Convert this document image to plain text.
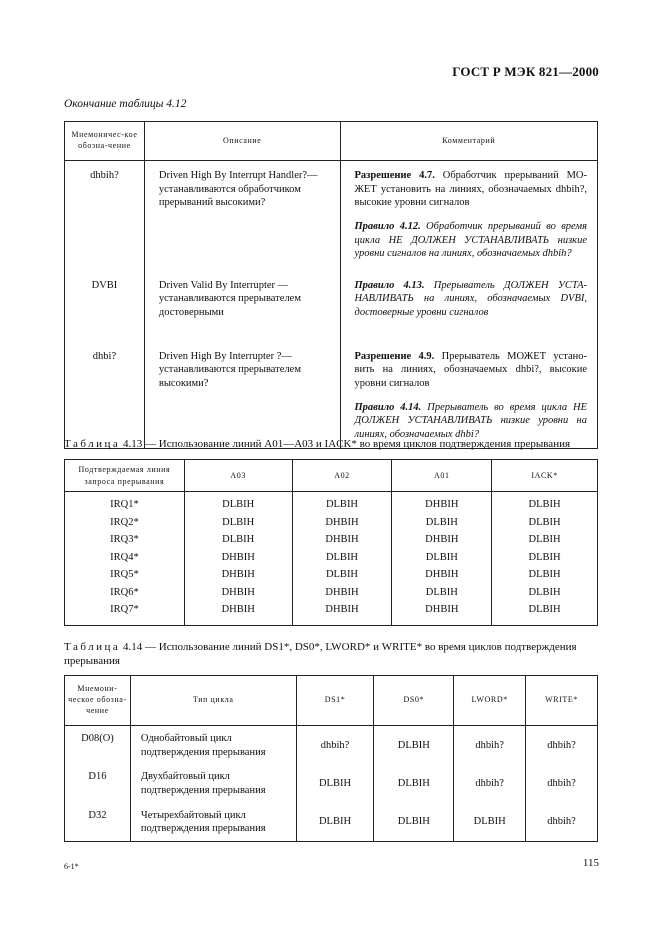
ГОСТ Р МЭК 821—2000
Окончание таблицы 4.12
Мнемоничес-кое обозна-чение	Описание	Комментарий
dhbih?	Driven High By Interrupt Handler?— устанавливаются обработчиком прерываний высокими?	Разрешение 4.7. Обработчик прерываний МО-ЖЕТ установить на линиях, обозначаемых dhbih?, высокие уровни сигналов

Правило 4.12. Обработчик прерываний во время цикла НЕ ДОЛЖЕН УСТАНАВЛИВАТЬ низкие уровни сигналов на линиях, обозначаемых dhbih?

DVBI	Driven Valid By Interrupter — устанавливаются прерывателем достоверными	Правило 4.13. Прерыватель ДОЛЖЕН УСТА-НАВЛИВАТЬ на линиях, обозначаемых DVBI, достоверные уровни сигналов

dhbi?	Driven High By Interrupter ?— устанавливаются прерывателем высокими?	Разрешение 4.9. Прерыватель МОЖЕТ устано-вить на линиях, обозначаемых dhbi?, высокие уровни сигналов

Правило 4.14. Прерыватель во время цикла НЕ ДОЛЖЕН УСТАНАВЛИВАТЬ низкие уровни на линиях, обозначаемых dhbi?

Таблица 4.13 — Использование линий А01—А03 и IACK* во время циклов подтверждения прерывания
Подтверждаемая линия запроса прерывания	А03	А02	А01	IACK*
IRQ1*	DLBIH	DLBIH	DHBIH	DLBIH
IRQ2*	DLBIH	DHBIH	DLBIH	DLBIH
IRQ3*	DLBIH	DHBIH	DHBIH	DLBIH
IRQ4*	DHBIH	DLBIH	DLBIH	DLBIH
IRQ5*	DHBIH	DLBIH	DHBIH	DLBIH
IRQ6*	DHBIH	DHBIH	DLBIH	DLBIH
IRQ7*	DHBIH	DHBIH	DHBIH	DLBIH
Таблица 4.14 — Использование линий DS1*, DS0*, LWORD* и WRITE* во время циклов подтверждения прерывания
Мнемони-ческое обозна-чение	Тип цикла	DS1*	DS0*	LWORD*	WRITE*
D08(O)	Однобайтовый цикл подтверждения прерывания	dhbih?	DLBIH	dhbih?	dhbih?
D16	Двухбайтовый цикл подтверждения прерывания	DLBIH	DLBIH	dhbih?	dhbih?
D32	Четырехбайтовый цикл подтверждения прерывания	DLBIH	DLBIH	DLBIH	dhbih?
6-1*	115
